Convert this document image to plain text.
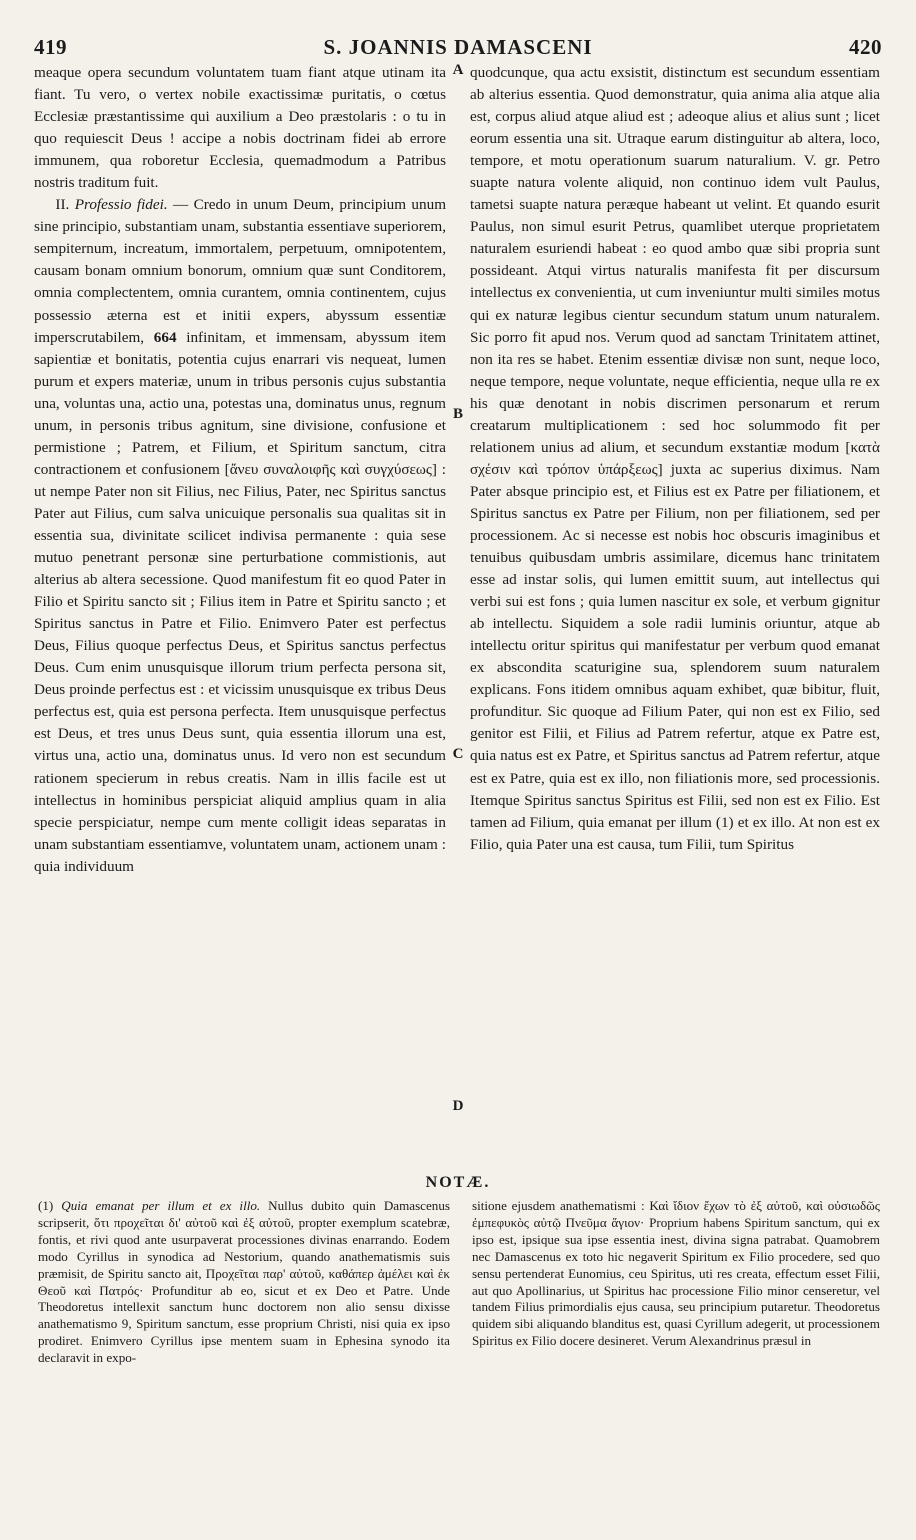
419	S. JOANNIS DAMASCENI	420

meaque opera secundum voluntatem tuam fiant atque utinam ita fiant. Tu vero, o vertex nobile exactissimæ puritatis, o cœtus Ecclesiæ præstantissime qui auxilium a Deo præstolaris : o tu in quo requiescit Deus ! accipe a nobis doctrinam fidei ab errore immunem, qua roboretur Ecclesia, quemadmodum a Patribus nostris traditum fuit.

II. Professio fidei. — Credo in unum Deum, principium unum sine principio, substantiam unam, substantia essentiave superiorem, sempiternum, increatum, immortalem, perpetuum, omnipotentem, causam bonam omnium bonorum, omnium quæ sunt Conditorem, omnia complectentem, omnia curantem, omnia continentem, cujus possessio æterna est et initii expers, abyssum essentiæ imperscrutabilem, 664 infinitam, et immensam, abyssum item sapientiæ et bonitatis, potentia cujus enarrari vis nequeat, lumen purum et expers materiæ, unum in tribus personis cujus substantia una, voluntas una, actio una, potestas una, dominatus unus, regnum unum, in personis tribus agnitum, sine divisione, confusione et permistione ; Patrem, et Filium, et Spiritum sanctum, citra contractionem et confusionem [ἄνευ συναλοιφῆς καὶ συγχύσεως] : ut nempe Pater non sit Filius, nec Filius, Pater, nec Spiritus sanctus Pater aut Filius, cum salva unicuique personalis sua qualitas sit in essentia sua, divinitate scilicet indivisa permanente : quia sese mutuo penetrant personæ sine perturbatione commistionis, aut alterius ab altera secessione. Quod manifestum fit eo quod Pater in Filio et Spiritu sancto sit ; Filius item in Patre et Spiritu sancto ; et Spiritus sanctus in Patre et Filio. Enimvero Pater est perfectus Deus, Filius quoque perfectus Deus, et Spiritus sanctus perfectus Deus. Cum enim unusquisque illorum trium perfecta persona sit, Deus proinde perfectus est : et vicissim unusquisque ex tribus Deus perfectus est, quia est persona perfecta. Item unusquisque perfectus est Deus, et tres unus Deus sunt, quia essentia illorum una est, virtus una, actio una, dominatus unus. Id vero non est secundum rationem specierum in rebus creatis. Nam in illis facile est ut intellectus in hominibus perspiciat aliquid amplius quam in alia specie perspiciatur, nempe cum mente colligit ideas separatas in unam substantiam essentiamve, voluntatem unam, actionem unam : quia individuum

A
B
C
D

quodcunque, qua actu exsistit, distinctum est secundum essentiam ab alterius essentia. Quod demonstratur, quia anima alia atque alia est, corpus aliud atque aliud est ; adeoque alius et alius sunt ; licet eorum essentia una sit. Utraque earum distinguitur ab altera, loco, tempore, et motu operationum suarum naturalium. V. gr. Petro suapte natura volente aliquid, non continuo idem vult Paulus, tametsi suapte natura peræque habeant ut velint. Et quando esurit Paulus, non simul esurit Petrus, quamlibet uterque proprietatem naturalem esuriendi habeat : eo quod ambo quæ sibi propria sunt possideant. Atqui virtus naturalis manifesta fit per discursum intellectus ex convenientia, ut cum inveniuntur multi similes motus qui ex naturæ legibus cientur secundum statum unum naturalem. Sic porro fit apud nos. Verum quod ad sanctam Trinitatem attinet, non ita res se habet. Etenim essentiæ divisæ non sunt, neque loco, neque tempore, neque voluntate, neque efficientia, neque ulla re ex his quæ denotant in nobis discrimen personarum et rerum creatarum multiplicationem : sed hoc solummodo fit per relationem unius ad alium, et secundum exstantiæ modum [κατὰ σχέσιν καὶ τρόπον ὑπάρξεως] juxta ac superius diximus. Nam Pater absque principio est, et Filius est ex Patre per filiationem, et Spiritus sanctus ex Patre per Filium, non per filiationem, sed per processionem. Ac si necesse est nobis hoc obscuris imaginibus et tenuibus quibusdam umbris assimilare, dicemus hanc trinitatem esse ad instar solis, qui lumen emittit suum, aut intellectus qui verbi sui est fons ; quia lumen nascitur ex sole, et verbum gignitur ab intellectu. Siquidem a sole radii luminis oriuntur, atque ab intellectu oritur spiritus qui manifestatur per verbum quod emanat ex abscondita scaturigine sua, splendorem suum naturalem explicans. Fons itidem omnibus aquam exhibet, quæ bibitur, fluit, profunditur. Sic quoque ad Filium Pater, qui non est ex Filio, sed genitor est Filii, et Filius ad Patrem refertur, atque ex Patre est, quia natus est ex Patre, et Spiritus sanctus ad Patrem refertur, atque est ex Patre, quia est ex illo, non filiationis more, sed processionis. Itemque Spiritus sanctus Spiritus est Filii, sed non est ex Filio. Est tamen ad Filium, quia emanat per illum (1) et ex illo. At non est ex Filio, quia Pater una est causa, tum Filii, tum Spiritus

NOTÆ.
(1) Quia emanat per illum et ex illo. Nullus dubito quin Damascenus scripserit, ὅτι προχεῖται δι' αὐτοῦ καὶ ἐξ αὐτοῦ, propter exemplum scatebræ, fontis, et rivi quod ante usurpaverat processiones divinas enarrando. Eodem modo Cyrillus in synodica ad Nestorium, quando anathematismis suis præmisit, de Spiritu sancto ait, Προχεῖται παρ' αὐτοῦ, καθάπερ ἀμέλει καὶ ἐκ Θεοῦ καὶ Πατρός· Profunditur ab eo, sicut et ex Deo et Patre. Unde Theodoretus intellexit sanctum hunc doctorem non alio sensu dixisse anathematismo 9, Spiritum sanctum, esse proprium Christi, nisi quia ex ipso prodiret. Enimvero Cyrillus ipse mentem suam in Ephesina synodo ita declaravit in expo-
sitione ejusdem anathematismi : Καὶ ἴδιον ἔχων τὸ ἐξ αὐτοῦ, καὶ οὐσιωδῶς ἐμπεφυκὸς αὐτῷ Πνεῦμα ἅγιον· Proprium habens Spiritum sanctum, qui ex ipso est, ipsique sua ipse essentia inest, divina signa patrabat. Quamobrem nec Damascenus ex toto hic negaverit Spiritum ex Filio procedere, sed quo sensu pertenderat Eunomius, ceu Spiritus, uti res creata, effectum esset Filii, aut quo Apollinarius, ut Spiritus hac processione Filio minor censeretur, vel tandem Filius primordialis ejus causa, seu principium putaretur. Theodoretus quidem sibi aliquando blanditus est, quasi Cyrillum adegerit, ut processionem Spiritus ex Filio docere desineret. Verum Alexandrinus præsul in
